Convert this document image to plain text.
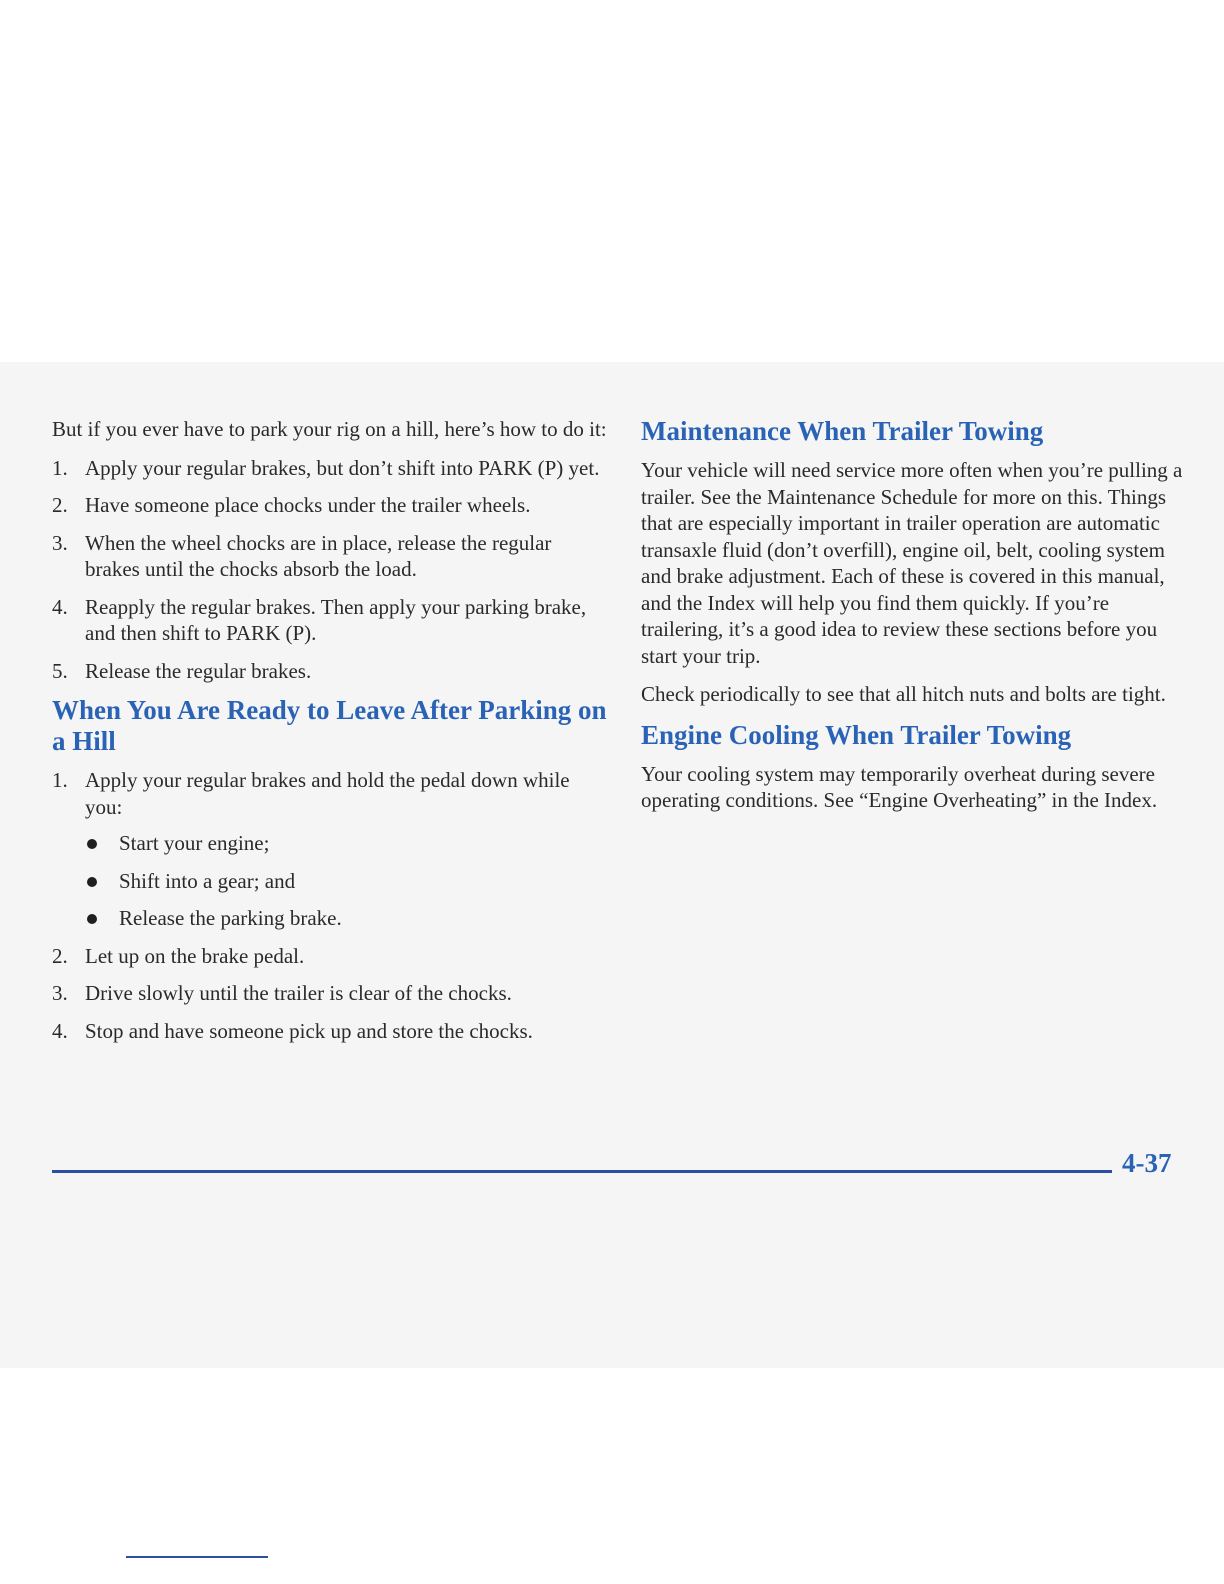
But if you ever have to park your rig on a hill, here’s how to do it:

1. Apply your regular brakes, but don’t shift into PARK (P) yet.
2. Have someone place chocks under the trailer wheels.
3. When the wheel chocks are in place, release the regular brakes until the chocks absorb the load.
4. Reapply the regular brakes. Then apply your parking brake, and then shift to PARK (P).
5. Release the regular brakes.
When You Are Ready to Leave After Parking on a Hill
1. Apply your regular brakes and hold the pedal down while you:
Start your engine;
Shift into a gear; and
Release the parking brake.
2. Let up on the brake pedal.
3. Drive slowly until the trailer is clear of the chocks.
4. Stop and have someone pick up and store the chocks.
Maintenance When Trailer Towing

Your vehicle will need service more often when you’re pulling a trailer. See the Maintenance Schedule for more on this. Things that are especially important in trailer operation are automatic transaxle fluid (don’t overfill), engine oil, belt, cooling system and brake adjustment. Each of these is covered in this manual, and the Index will help you find them quickly. If you’re trailering, it’s a good idea to review these sections before you start your trip.

Check periodically to see that all hitch nuts and bolts are tight.

Engine Cooling When Trailer Towing

Your cooling system may temporarily overheat during severe operating conditions. See “Engine Overheating” in the Index.

4-37
